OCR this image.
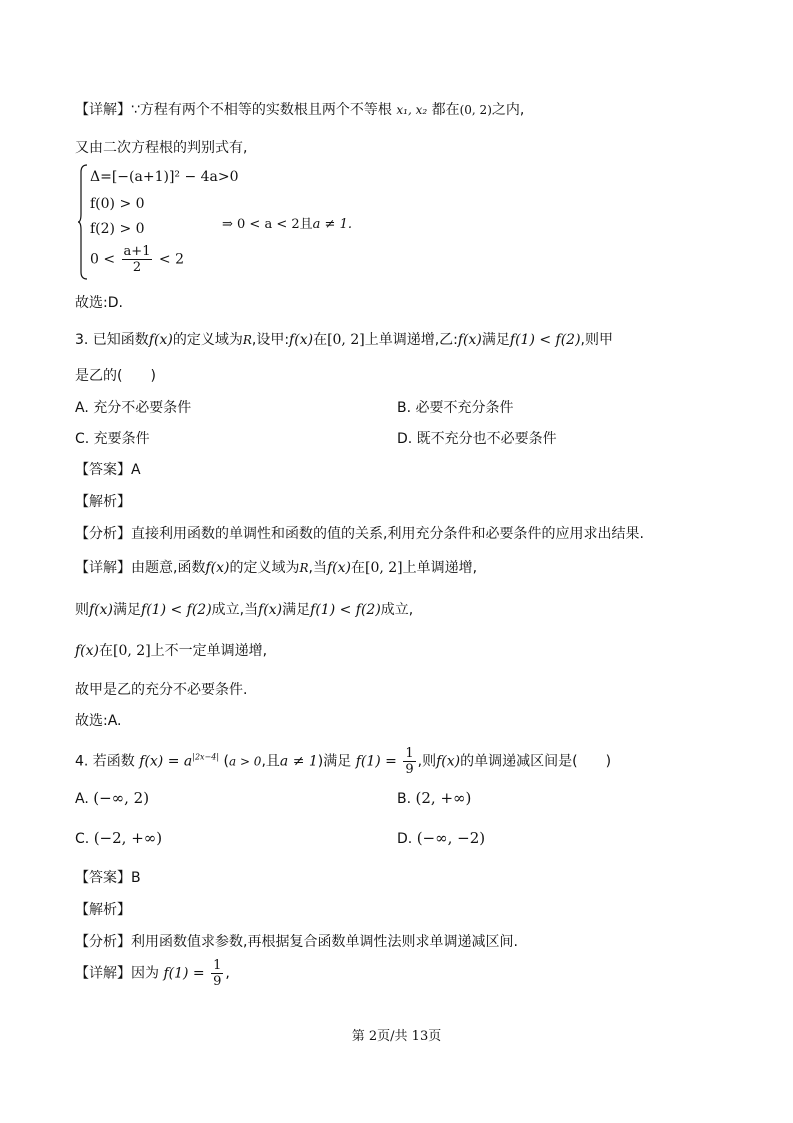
【详解】∵方程有两个不相等的实数根且两个不等根 x₁, x₂ 都在(0, 2)之内,
又由二次方程根的判别式有,
Δ=[−(a+1)]² − 4a>0
f(0) > 0
f(2) > 0
$0 < \frac{a+1}{2} < 2$
⇒ 0 < a < 2且a ≠ 1.
故选:D.
3. 已知函数f(x)的定义域为R,设甲:f(x)在[0, 2]上单调递增,乙:f(x)满足f(1) < f(2),则甲
是乙的(　　)
A. 充分不必要条件	B. 必要不充分条件
C. 充要条件	D. 既不充分也不必要条件
【答案】A
【解析】
【分析】直接利用函数的单调性和函数的值的关系,利用充分条件和必要条件的应用求出结果.
【详解】由题意,函数f(x)的定义域为R,当f(x)在[0, 2]上单调递增,
则f(x)满足f(1) < f(2)成立,当f(x)满足f(1) < f(2)成立,
f(x)在[0, 2]上不一定单调递增,
故甲是乙的充分不必要条件.
故选:A.
4. 若函数 $f(x) = a^{|2x-4|}$ (a > 0,且a ≠ 1)满足 $f(1) = \frac{1}{9}$ ,则f(x)的单调递减区间是(　　)
A. (−∞, 2)	B. (2, +∞)
C. (−2, +∞)	D. (−∞, −2)
【答案】B
【解析】
【分析】利用函数值求参数,再根据复合函数单调性法则求单调递减区间.
【详解】因为 $f(1) = \frac{1}{9}$ ,
第 2页/共 13页
